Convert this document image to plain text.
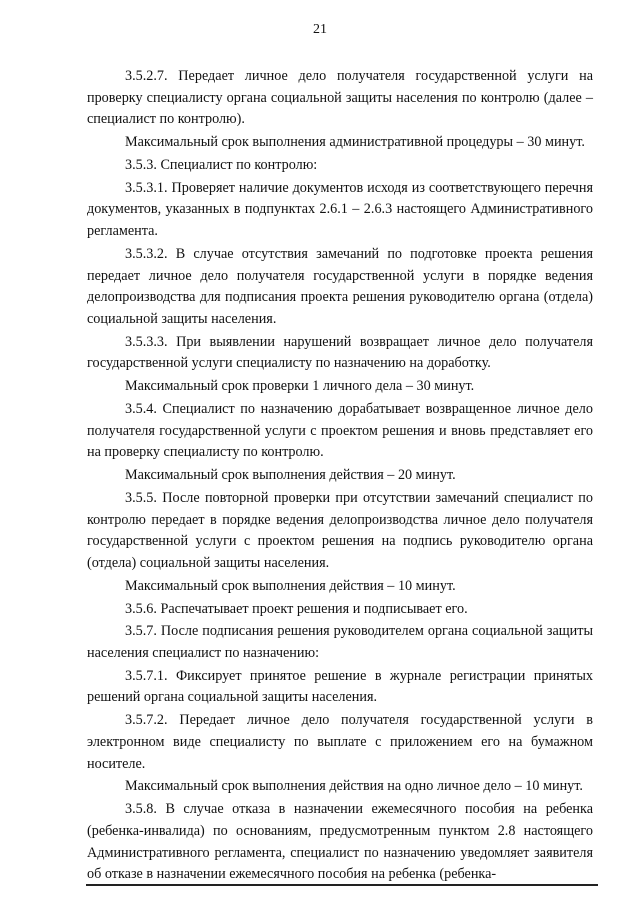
21

3.5.2.7. Передает личное дело получателя государственной услуги на проверку специалисту органа социальной защиты населения по контролю (далее – специалист по контролю).

Максимальный срок выполнения административной процедуры – 30 минут.

3.5.3. Специалист по контролю:

3.5.3.1. Проверяет наличие документов исходя из соответствующего перечня документов, указанных в подпунктах 2.6.1 – 2.6.3 настоящего Административного регламента.

3.5.3.2. В случае отсутствия замечаний по подготовке проекта решения передает личное дело получателя государственной услуги в порядке ведения делопроизводства для подписания проекта решения руководителю органа (отдела) социальной защиты населения.

3.5.3.3. При выявлении нарушений возвращает личное дело получателя государственной услуги специалисту по назначению на доработку.

Максимальный срок проверки 1 личного дела – 30 минут.

3.5.4. Специалист по назначению дорабатывает возвращенное личное дело получателя государственной услуги с проектом решения и вновь представляет его на проверку специалисту по контролю.

Максимальный срок выполнения действия – 20 минут.

3.5.5. После повторной проверки при отсутствии замечаний специалист по контролю передает в порядке ведения делопроизводства личное дело получателя государственной услуги с проектом решения на подпись руководителю органа (отдела) социальной защиты населения.

Максимальный срок выполнения действия – 10 минут.

3.5.6. Распечатывает проект решения и подписывает его.

3.5.7. После подписания решения руководителем органа социальной защиты населения специалист по назначению:

3.5.7.1. Фиксирует принятое решение в журнале регистрации принятых решений органа социальной защиты населения.

3.5.7.2. Передает личное дело получателя государственной услуги в электронном виде специалисту по выплате с приложением его на бумажном носителе.

Максимальный срок выполнения действия на одно личное дело – 10 минут.

3.5.8. В случае отказа в назначении ежемесячного пособия на ребенка (ребенка-инвалида) по основаниям, предусмотренным пунктом 2.8 настоящего Административного регламента, специалист по назначению уведомляет заявителя об отказе в назначении ежемесячного пособия на ребенка (ребенка-
